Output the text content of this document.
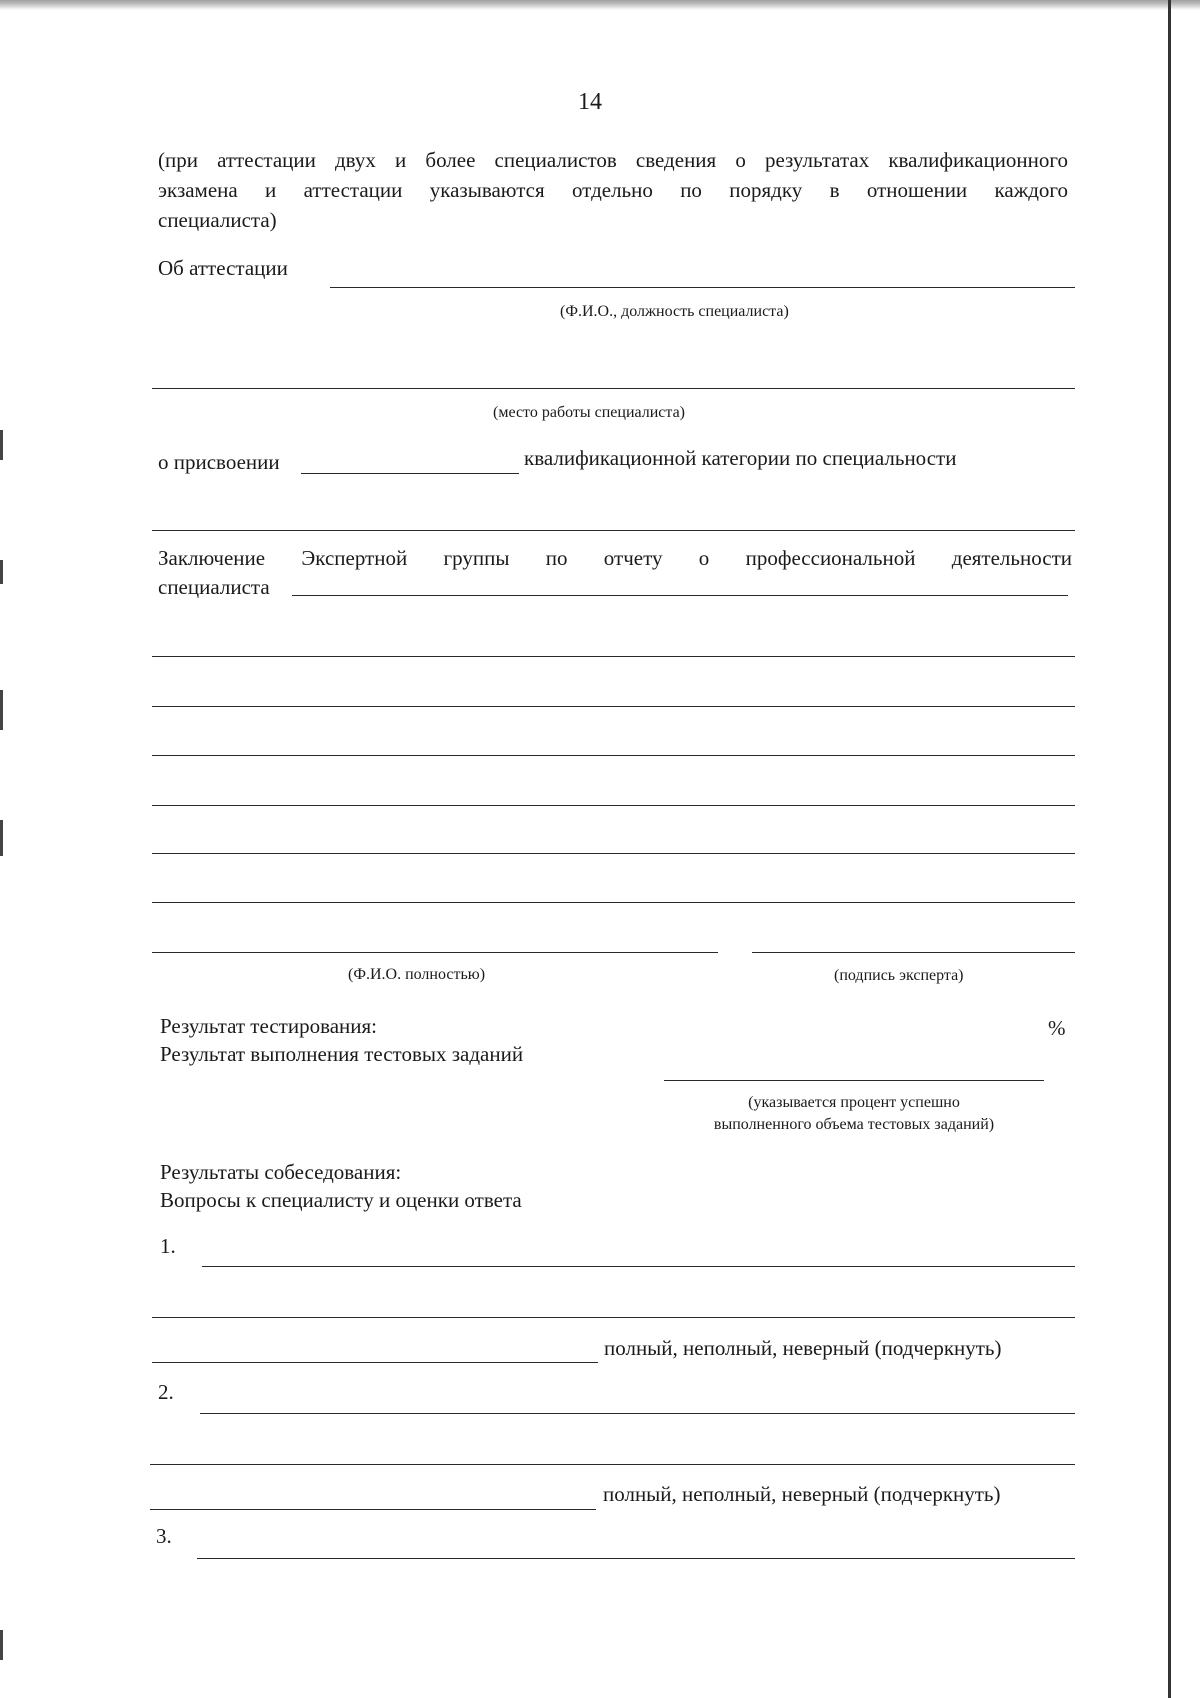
14
(при аттестации двух и более специалистов сведения о результатах квалификационного
экзамена и аттестации указываются отдельно по порядку в отношении каждого
специалиста)
Об аттестации
(Ф.И.О., должность специалиста)
(место работы специалиста)
о присвоении	квалификационной категории по специальности
Заключение Экспертной группы по отчету о профессиональной деятельности
специалиста
(Ф.И.О. полностью)	(подпись эксперта)
Результат тестирования:	%
Результат выполнения тестовых заданий
(указывается процент успешно
выполненного объема тестовых заданий)
Результаты собеседования:
Вопросы к специалисту и оценки ответа
1.
полный, неполный, неверный (подчеркнуть)
2.
полный, неполный, неверный (подчеркнуть)
3.
